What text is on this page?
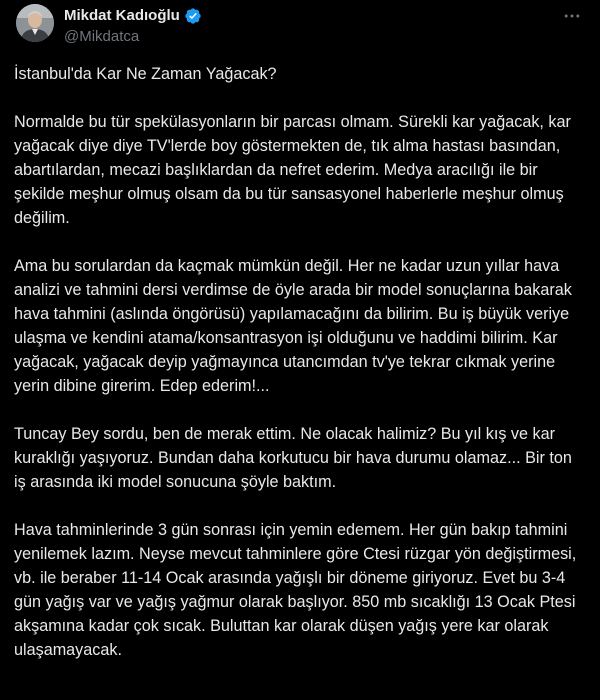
Mikdat Kadıoğlu
@Mikdatca

İstanbul'da Kar Ne Zaman Yağacak?

Normalde bu tür spekülasyonların bir parcası olmam. Sürekli kar yağacak, kar yağacak diye diye TV'lerde boy göstermekten de, tık alma hastası basından, abartılardan, mecazi başlıklardan da nefret ederim. Medya aracılığı ile bir şekilde meşhur olmuş olsam da bu tür sansasyonel haberlerle meşhur olmuş değilim.

Ama bu sorulardan da kaçmak mümkün değil. Her ne kadar uzun yıllar hava analizi ve tahmini dersi verdimse de öyle arada bir model sonuçlarına bakarak hava tahmini (aslında öngörüsü) yapılamacağını da bilirim. Bu iş büyük veriye ulaşma ve kendini atama/konsantrasyon işi olduğunu ve haddimi bilirim. Kar yağacak, yağacak deyip yağmayınca utancımdan tv'ye tekrar cıkmak yerine yerin dibine girerim. Edep ederim!...

Tuncay Bey sordu, ben de merak ettim. Ne olacak halimiz? Bu yıl kış ve kar kuraklığı yaşıyoruz. Bundan daha korkutucu bir hava durumu olamaz... Bir ton iş arasında iki model sonucuna şöyle baktım.

Hava tahminlerinde 3 gün sonrası için yemin edemem. Her gün bakıp tahmini yenilemek lazım. Neyse mevcut tahminlere göre Ctesi rüzgar yön değiştirmesi, vb. ile beraber 11-14 Ocak arasında yağışlı bir döneme giriyoruz. Evet bu 3-4 gün yağış var ve yağış yağmur olarak başlıyor. 850 mb sıcaklığı 13 Ocak Ptesi akşamına kadar çok sıcak. Buluttan kar olarak düşen yağış yere kar olarak ulaşamayacak.
